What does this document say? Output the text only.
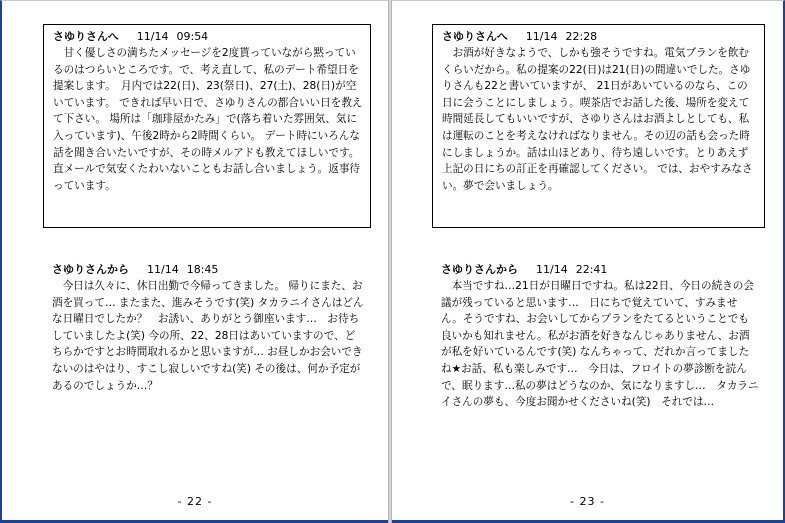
さゆりさんへ 11/14 09:54

甘く優しさの満ちたメッセージを2度貰っていながら黙っているのはつらいところです。で、考え直して、私のデート希望日を提案します。　月内では22(日)、23(祭日)、27(土)、28(日)が空いています。 できれば早い日で、さゆりさんの都合いい日を教えて下さい。 場所は「珈琲屋かたみ」で(落ち着いた雰囲気、気に入っています)、午後2時から2時間くらい。 デート時にいろんな話を聞き合いたいですが、その時メルアドも教えてほしいです。直メールで気安くたわいないこともお話し合いましょう。返事待っています。

さゆりさんから 11/14 18:45

今日は久々に、休日出勤で今帰ってきました。 帰りにまた、お酒を買って… またまた、進みそうです(笑) タカラニイさんはどんな日曜日でしたか？　お誘い、ありがとう御座います…　お待ちしていましたよ(笑) 今の所、22、28日はあいていますので、どちらかですとお時間取れるかと思いますが… お昼しかお会いできないのはやはり、すこし寂しいですね(笑) その後は、何か予定があるのでしょうか…？

- 22 -
さゆりさんへ 11/14 22:28

お酒が好きなようで、しかも強そうですね。電気ブランを飲むくらいだから。私の提案の22(日)は21(日)の間違いでした。さゆりさんも22と書いていますが、 21日があいているのなら、この日に会うことにしましょう。喫茶店でお話した後、場所を変えて時間延長してもいいですが、さゆりさんはお酒よしとしても、私は運転のことを考えなければなりません。その辺の話も会った時にしましょうか。話は山ほどあり、待ち遠しいです。とりあえず上記の日にちの訂正を再確認してください。 では、おやすみなさい。夢で会いましょう。

さゆりさんから 11/14 22:41

本当ですね…21日が日曜日ですね。私は22日、今日の続きの会議が残っていると思います…　日にちで覚えていて、すみません。そうですね、お会いしてからプランをたてるということでも良いかも知れません。私がお酒を好きなんじゃありません、お酒が私を好いているんです(笑) なんちゃって、だれか言ってましたね★お話、私も楽しみです…　今日は、フロイトの夢診断を読んで、眠ります…私の夢はどうなのか、気になりますし…　タカラニイさんの夢も、今度お聞かせくださいね(笑)　それでは…

- 23 -
